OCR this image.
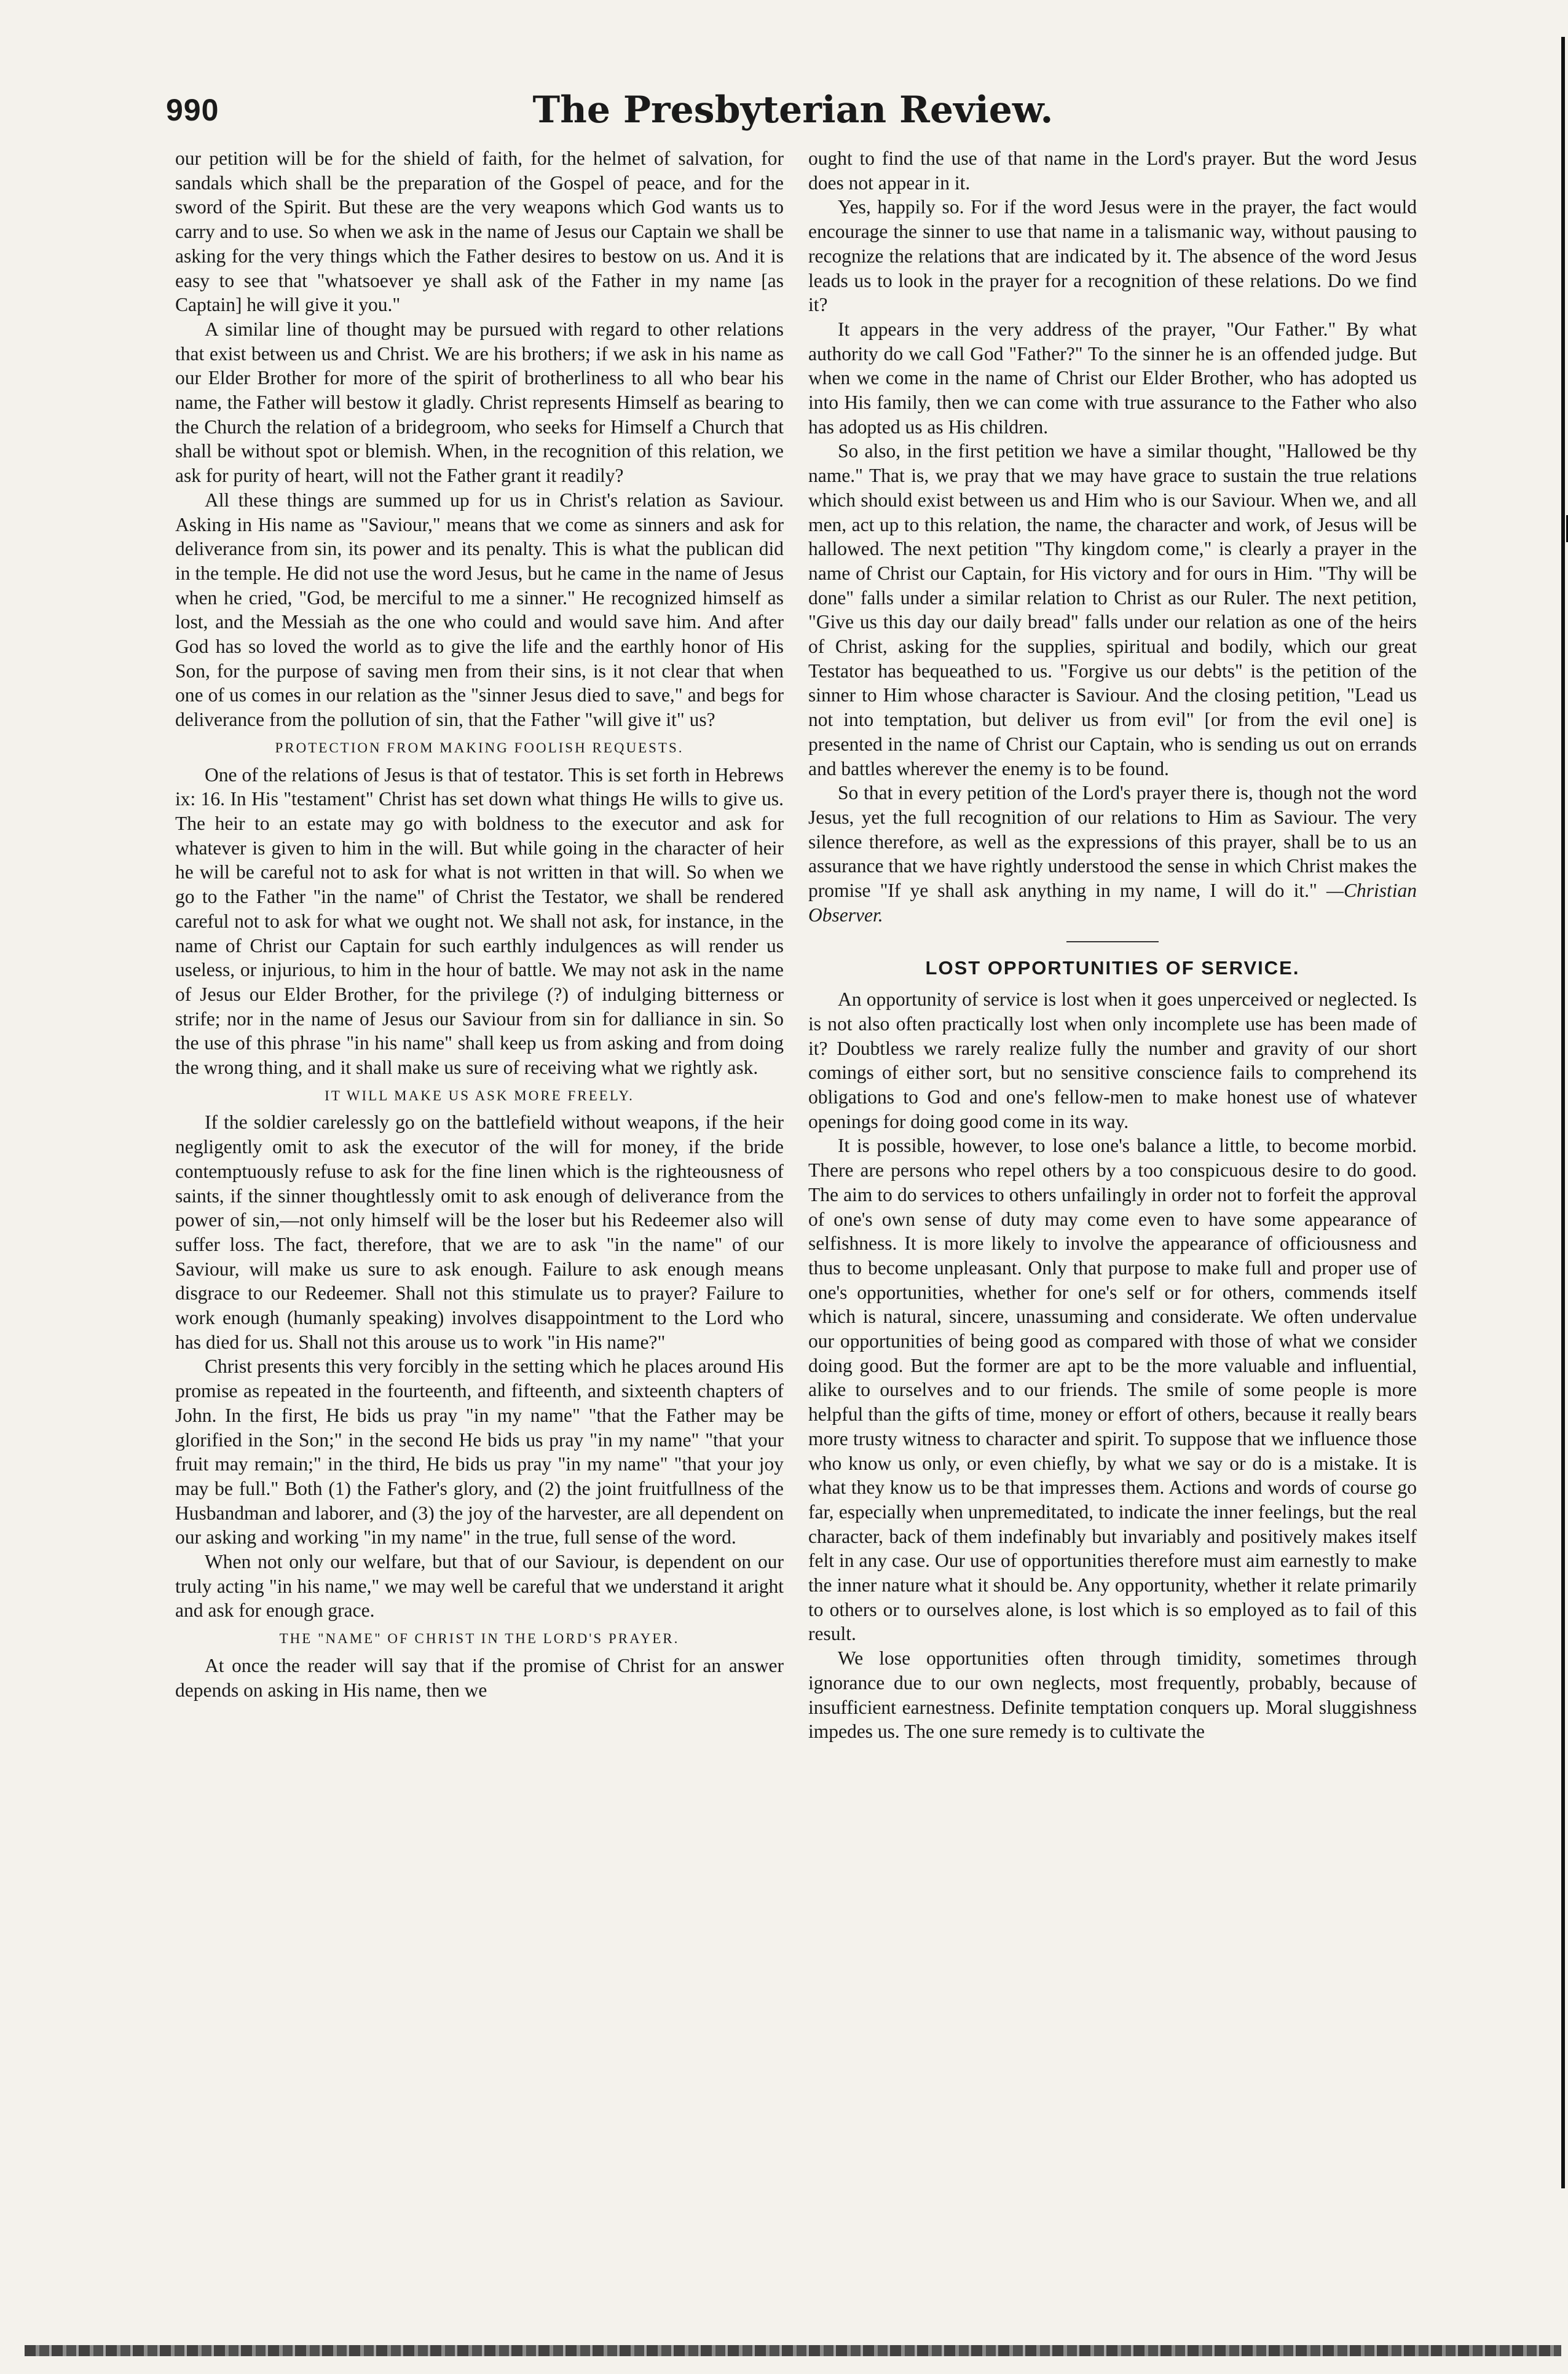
990	The Presbyterian Review.

our petition will be for the shield of faith, for the helmet of salvation, for sandals which shall be the preparation of the Gospel of peace, and for the sword of the Spirit. But these are the very weapons which God wants us to carry and to use. So when we ask in the name of Jesus our Captain we shall be asking for the very things which the Father desires to bestow on us. And it is easy to see that "whatsoever ye shall ask of the Father in my name [as Captain] he will give it you."

A similar line of thought may be pursued with regard to other relations that exist between us and Christ. We are his brothers; if we ask in his name as our Elder Brother for more of the spirit of brotherliness to all who bear his name, the Father will bestow it gladly. Christ represents Himself as bearing to the Church the relation of a bridegroom, who seeks for Himself a Church that shall be without spot or blemish. When, in the recognition of this relation, we ask for purity of heart, will not the Father grant it readily?

All these things are summed up for us in Christ's relation as Saviour. Asking in His name as "Saviour," means that we come as sinners and ask for deliverance from sin, its power and its penalty. This is what the publican did in the temple. He did not use the word Jesus, but he came in the name of Jesus when he cried, "God, be merciful to me a sinner." He recognized himself as lost, and the Messiah as the one who could and would save him. And after God has so loved the world as to give the life and the earthly honor of His Son, for the purpose of saving men from their sins, is it not clear that when one of us comes in our relation as the "sinner Jesus died to save," and begs for deliverance from the pollution of sin, that the Father "will give it" us?

PROTECTION FROM MAKING FOOLISH REQUESTS.

One of the relations of Jesus is that of testator. This is set forth in Hebrews ix: 16. In His "testament" Christ has set down what things He wills to give us. The heir to an estate may go with boldness to the executor and ask for whatever is given to him in the will. But while going in the character of heir he will be careful not to ask for what is not written in that will. So when we go to the Father "in the name" of Christ the Testator, we shall be rendered careful not to ask for what we ought not. We shall not ask, for instance, in the name of Christ our Captain for such earthly indulgences as will render us useless, or injurious, to him in the hour of battle. We may not ask in the name of Jesus our Elder Brother, for the privilege (?) of indulging bitterness or strife; nor in the name of Jesus our Saviour from sin for dalliance in sin. So the use of this phrase "in his name" shall keep us from asking and from doing the wrong thing, and it shall make us sure of receiving what we rightly ask.

IT WILL MAKE US ASK MORE FREELY.

If the soldier carelessly go on the battlefield without weapons, if the heir negligently omit to ask the executor of the will for money, if the bride contemptuously refuse to ask for the fine linen which is the righteousness of saints, if the sinner thoughtlessly omit to ask enough of deliverance from the power of sin,—not only himself will be the loser but his Redeemer also will suffer loss. The fact, therefore, that we are to ask "in the name" of our Saviour, will make us sure to ask enough. Failure to ask enough means disgrace to our Redeemer. Shall not this stimulate us to prayer? Failure to work enough (humanly speaking) involves disappointment to the Lord who has died for us. Shall not this arouse us to work "in His name?"

Christ presents this very forcibly in the setting which he places around His promise as repeated in the fourteenth, and fifteenth, and sixteenth chapters of John. In the first, He bids us pray "in my name" "that the Father may be glorified in the Son;" in the second He bids us pray "in my name" "that your fruit may remain;" in the third, He bids us pray "in my name" "that your joy may be full." Both (1) the Father's glory, and (2) the joint fruitfullness of the Husbandman and laborer, and (3) the joy of the harvester, are all dependent on our asking and working "in my name" in the true, full sense of the word.

When not only our welfare, but that of our Saviour, is dependent on our truly acting "in his name," we may well be careful that we understand it aright and ask for enough grace.

THE "NAME" OF CHRIST IN THE LORD'S PRAYER.

At once the reader will say that if the promise of Christ for an answer depends on asking in His name, then we

ought to find the use of that name in the Lord's prayer. But the word Jesus does not appear in it.

Yes, happily so. For if the word Jesus were in the prayer, the fact would encourage the sinner to use that name in a talismanic way, without pausing to recognize the relations that are indicated by it. The absence of the word Jesus leads us to look in the prayer for a recognition of these relations. Do we find it?

It appears in the very address of the prayer, "Our Father." By what authority do we call God "Father?" To the sinner he is an offended judge. But when we come in the name of Christ our Elder Brother, who has adopted us into His family, then we can come with true assurance to the Father who also has adopted us as His children.

So also, in the first petition we have a similar thought, "Hallowed be thy name." That is, we pray that we may have grace to sustain the true relations which should exist between us and Him who is our Saviour. When we, and all men, act up to this relation, the name, the character and work, of Jesus will be hallowed. The next petition "Thy kingdom come," is clearly a prayer in the name of Christ our Captain, for His victory and for ours in Him. "Thy will be done" falls under a similar relation to Christ as our Ruler. The next petition, "Give us this day our daily bread" falls under our relation as one of the heirs of Christ, asking for the supplies, spiritual and bodily, which our great Testator has bequeathed to us. "Forgive us our debts" is the petition of the sinner to Him whose character is Saviour. And the closing petition, "Lead us not into temptation, but deliver us from evil" [or from the evil one] is presented in the name of Christ our Captain, who is sending us out on errands and battles wherever the enemy is to be found.

So that in every petition of the Lord's prayer there is, though not the word Jesus, yet the full recognition of our relations to Him as Saviour. The very silence therefore, as well as the expressions of this prayer, shall be to us an assurance that we have rightly understood the sense in which Christ makes the promise "If ye shall ask anything in my name, I will do it." —Christian Observer.

LOST OPPORTUNITIES OF SERVICE.

An opportunity of service is lost when it goes unperceived or neglected. Is is not also often practically lost when only incomplete use has been made of it? Doubtless we rarely realize fully the number and gravity of our short comings of either sort, but no sensitive conscience fails to comprehend its obligations to God and one's fellow-men to make honest use of whatever openings for doing good come in its way.

It is possible, however, to lose one's balance a little, to become morbid. There are persons who repel others by a too conspicuous desire to do good. The aim to do services to others unfailingly in order not to forfeit the approval of one's own sense of duty may come even to have some appearance of selfishness. It is more likely to involve the appearance of officiousness and thus to become unpleasant. Only that purpose to make full and proper use of one's opportunities, whether for one's self or for others, commends itself which is natural, sincere, unassuming and considerate. We often undervalue our opportunities of being good as compared with those of what we consider doing good. But the former are apt to be the more valuable and influential, alike to ourselves and to our friends. The smile of some people is more helpful than the gifts of time, money or effort of others, because it really bears more trusty witness to character and spirit. To suppose that we influence those who know us only, or even chiefly, by what we say or do is a mistake. It is what they know us to be that impresses them. Actions and words of course go far, especially when unpremeditated, to indicate the inner feelings, but the real character, back of them indefinably but invariably and positively makes itself felt in any case. Our use of opportunities therefore must aim earnestly to make the inner nature what it should be. Any opportunity, whether it relate primarily to others or to ourselves alone, is lost which is so employed as to fail of this result.

We lose opportunities often through timidity, sometimes through ignorance due to our own neglects, most frequently, probably, because of insufficient earnestness. Definite temptation conquers up. Moral sluggishness impedes us. The one sure remedy is to cultivate the
